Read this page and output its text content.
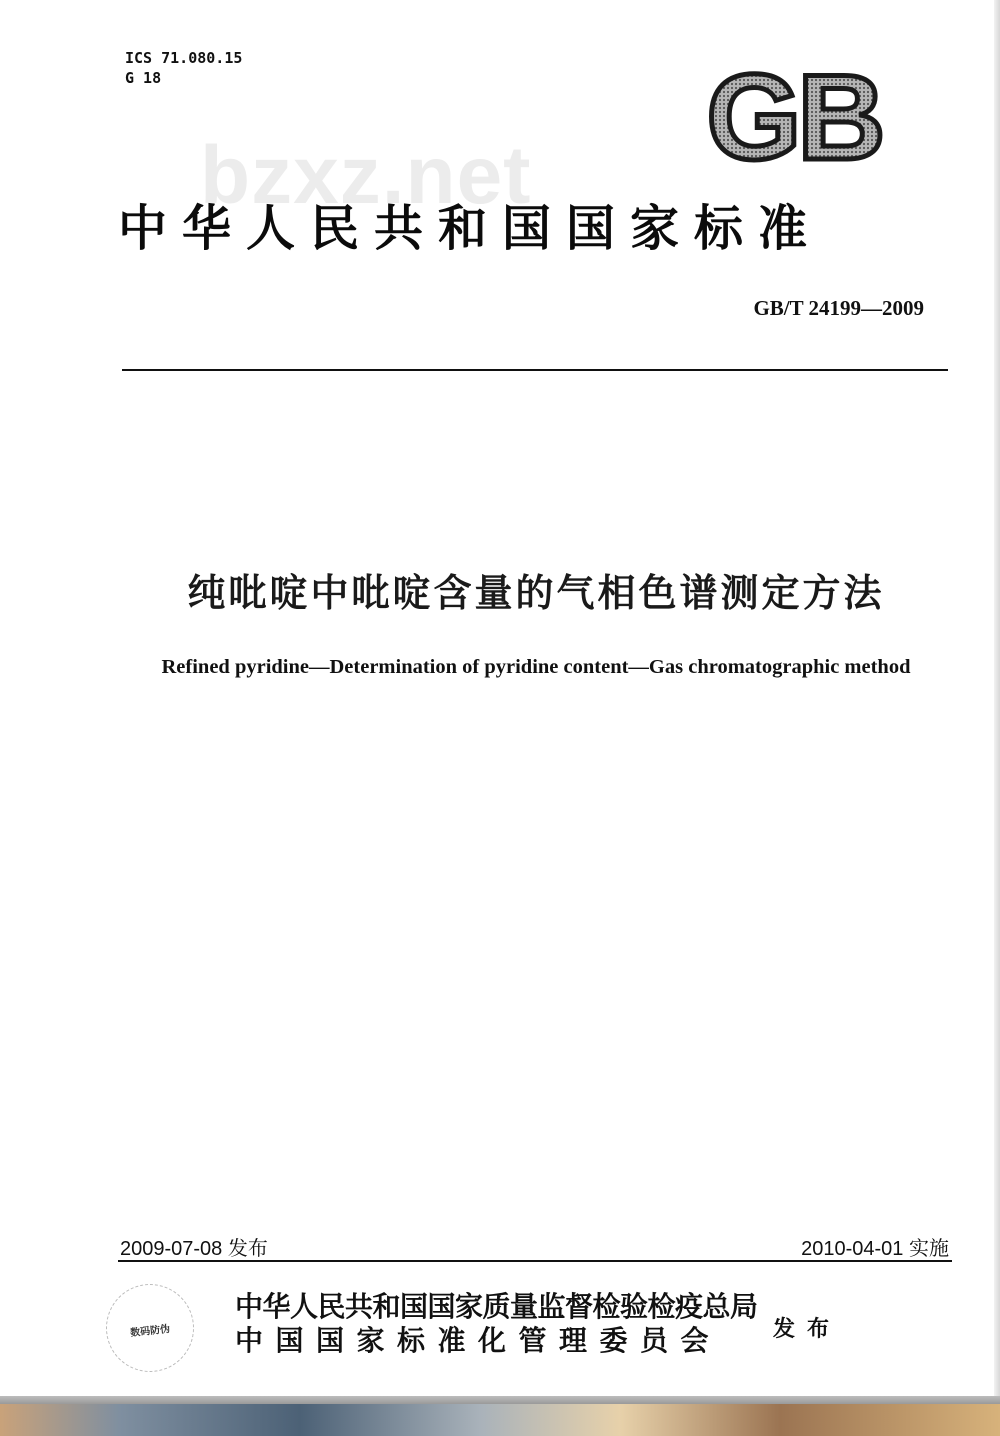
ICS 71.080.15
G 18	GB
bzxz.net
中华人民共和国国家标准
GB/T 24199—2009
纯吡啶中吡啶含量的气相色谱测定方法
Refined pyridine—Determination of pyridine content—Gas chromatographic method
2009-07-08 发布	2010-04-01 实施
数码防伪
中华人民共和国国家质量监督检验检疫总局
中国国家标准化管理委员会	发布
